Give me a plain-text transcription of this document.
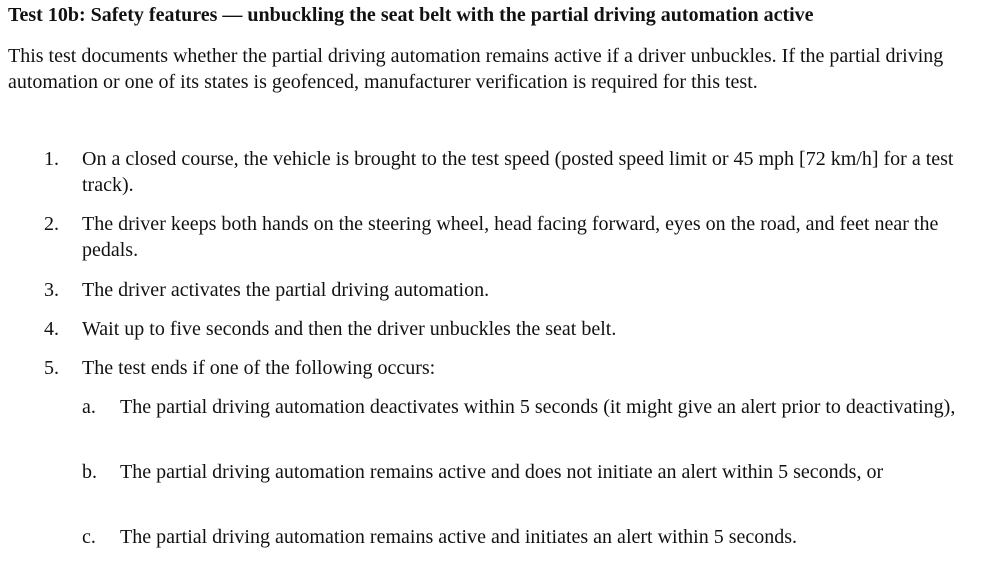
Test 10b: Safety features — unbuckling the seat belt with the partial driving automation active
This test documents whether the partial driving automation remains active if a driver unbuckles. If the partial driving automation or one of its states is geofenced, manufacturer verification is required for this test.
1. On a closed course, the vehicle is brought to the test speed (posted speed limit or 45 mph [72 km/h] for a test track).
2. The driver keeps both hands on the steering wheel, head facing forward, eyes on the road, and feet near the pedals.
3. The driver activates the partial driving automation.
4. Wait up to five seconds and then the driver unbuckles the seat belt.
5. The test ends if one of the following occurs:
a. The partial driving automation deactivates within 5 seconds (it might give an alert prior to deactivating),
b. The partial driving automation remains active and does not initiate an alert within 5 seconds, or
c. The partial driving automation remains active and initiates an alert within 5 seconds.
